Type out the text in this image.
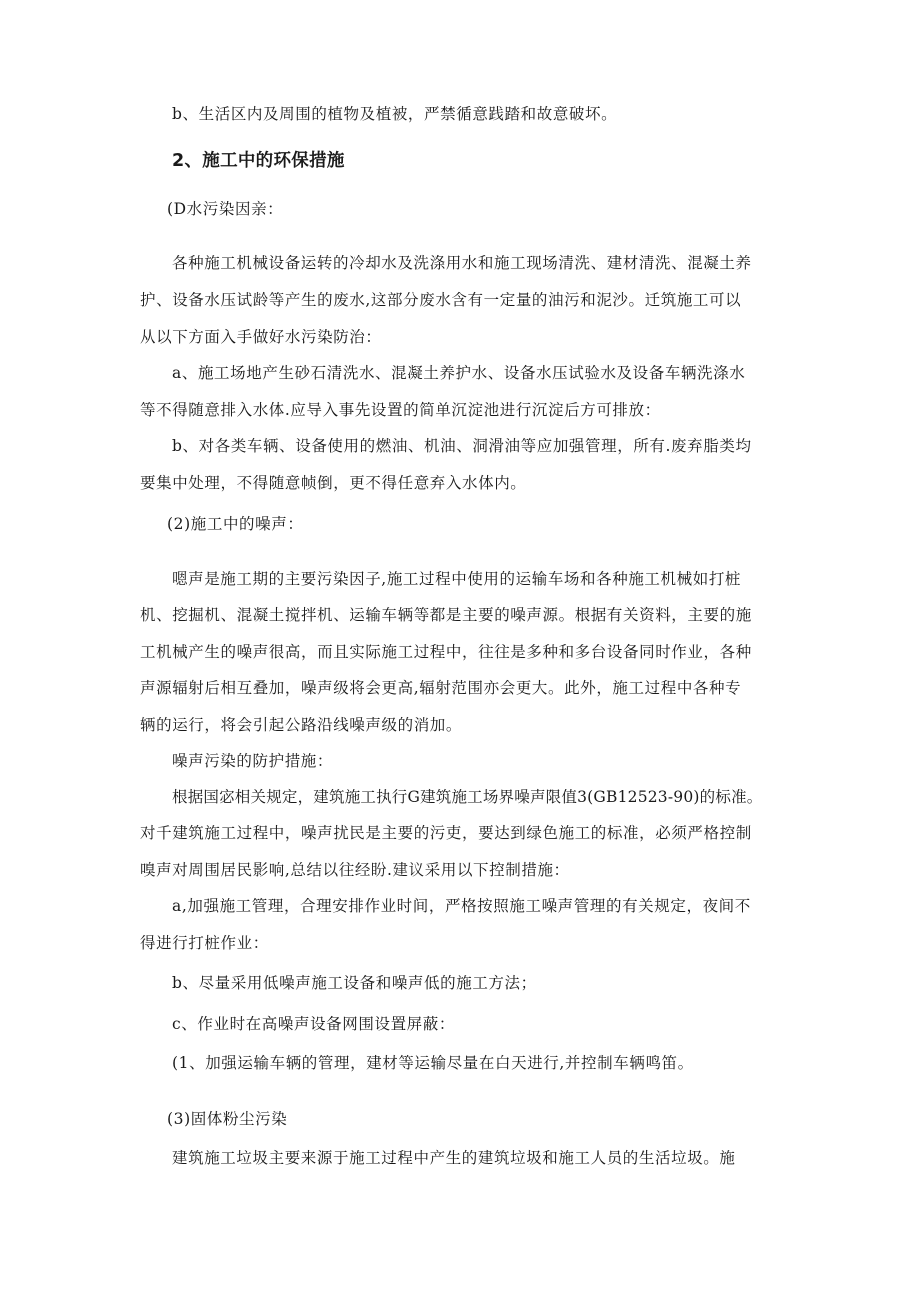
b、生活区内及周围的植物及植被，严禁循意践踏和故意破坏。
2、施工中的环保措施
(D水污染因亲：
各种施工机械设备运转的冷却水及洗涤用水和施工现场清洗、建材清洗、混凝土养
护、设备水压试龄等产生的废水,这部分废水含有一定量的油污和泥沙。迁筑施工可以
从以下方面入手做好水污染防治：
a、施工场地产生砂石清洗水、混凝土养护水、设备水压试验水及设备车辆洗涤水
等不得随意排入水体.应导入事先设置的简单沉淀池进行沉淀后方可排放：
b、对各类车辆、设备使用的燃油、机油、洞滑油等应加强管理，所有.废弃脂类均
要集中处理，不得随意帧倒，更不得任意弃入水体内。
(2)施工中的噪声：
嗯声是施工期的主要污染因子,施工过程中使用的运输车场和各种施工机械如打桩
机、挖掘机、混凝土搅拌机、运输车辆等都是主要的噪声源。根据有关资料，主要的施
工机械产生的噪声很高，而且实际施工过程中，往往是多种和多台设备同时作业，各种
声源辐射后相互叠加，噪声级将会更高,辐射范围亦会更大。此外，施工过程中各种专
辆的运行，将会引起公路沿线噪声级的消加。
噪声污染的防护措施：
根据国宓相关规定，建筑施工执行G建筑施工场界噪声限值3(GB12523-90)的标准。
对千建筑施工过程中，噪声扰民是主要的污吏，要达到绿色施工的标准，必须严格控制
嗅声对周围居民影响,总结以往经盼.建议采用以下控制措施：
a,加强施工管理，合理安排作业时间，严格按照施工噪声管理的有关规定，夜间不
得进行打桩作业：
b、尽量采用低噪声施工设备和噪声低的施工方法；
c、作业时在高噪声设备网围设置屏蔽：
(1、加强运输车辆的管理，建材等运输尽量在白天进行,并控制车辆鸣笛。
(3)固体粉尘污染
建筑施工垃圾主要来源于施工过程中产生的建筑垃圾和施工人员的生活垃圾。施
